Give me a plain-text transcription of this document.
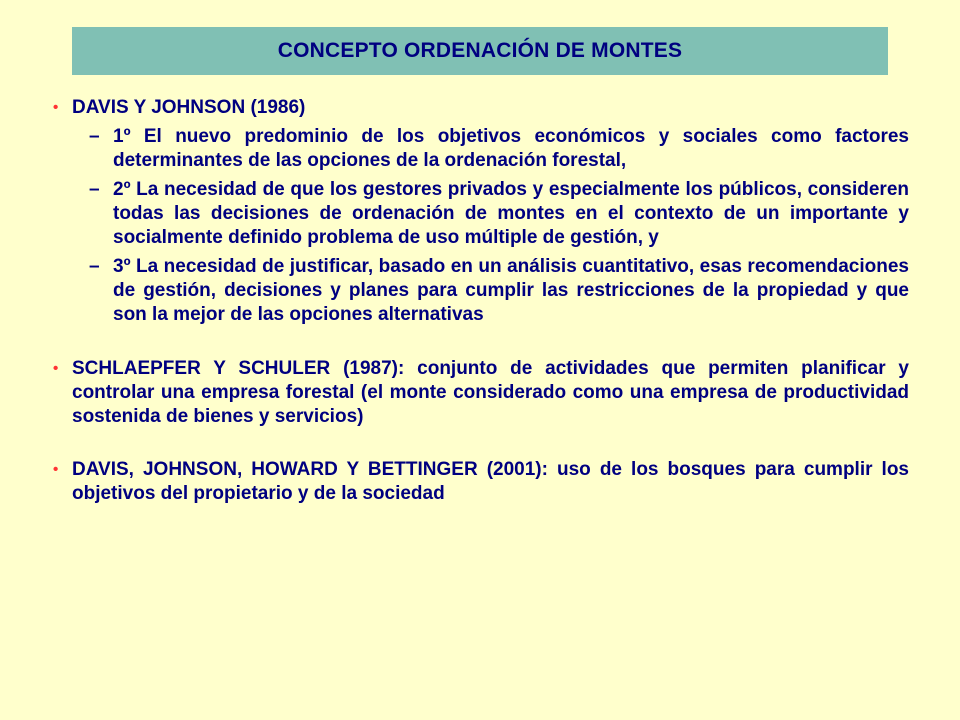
CONCEPTO ORDENACIÓN DE MONTES
• DAVIS Y JOHNSON (1986)
– 1º El nuevo predominio de los objetivos económicos y sociales como factores determinantes de las opciones de la ordenación forestal,
– 2º La necesidad de que los gestores privados y especialmente los públicos, consideren todas las decisiones de ordenación de montes en el contexto de un importante y socialmente definido problema de uso múltiple de gestión, y
– 3º La necesidad de justificar, basado en un análisis cuantitativo, esas recomendaciones de gestión, decisiones y planes para cumplir las restricciones de la propiedad y que son la mejor de las opciones alternativas
• SCHLAEPFER Y SCHULER (1987): conjunto de actividades que permiten planificar y controlar una empresa forestal (el monte considerado como una empresa de productividad sostenida de bienes y servicios)
• DAVIS, JOHNSON, HOWARD Y BETTINGER (2001): uso de los bosques para cumplir los objetivos del propietario y de la sociedad
